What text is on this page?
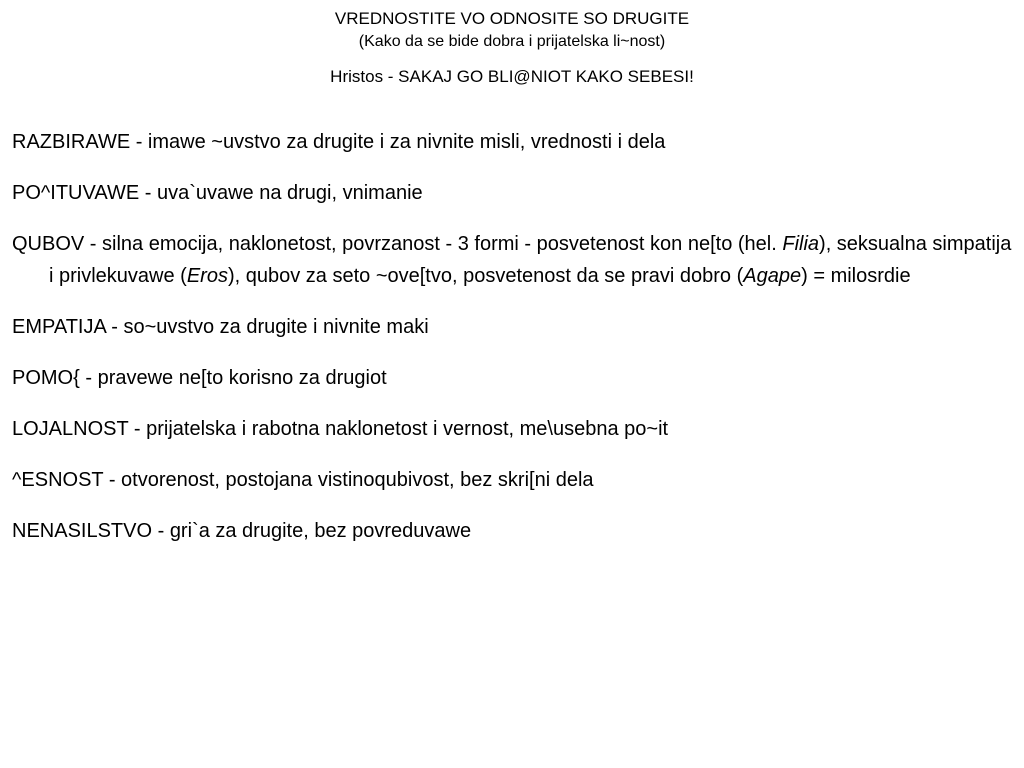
VREDNOSTITE VO ODNOSITE SO DRUGITE
(Kako da se bide dobra i prijatelska li~nost)
Hristos - SAKAJ GO BLI@NIOT KAKO SEBESI!
RAZBIRAWE - imawe ~uvstvo za drugite i za nivnite misli, vrednosti i dela
PO^ITUVAWE - uva`uvawe na drugi, vnimanie
QUBOV - silna emocija, naklonetost, povrzanost - 3 formi - posvetenost kon ne[to (hel. Filia), seksualna simpatija i privlekuvawe (Eros), qubov za seto ~ove[tvo, posvetenost da se pravi dobro (Agape) = milosrdie
EMPATIJA - so~uvstvo za drugite i nivnite maki
POMO{ - pravewe ne[to korisno za drugiot
LOJALNOST - prijatelska i rabotna naklonetost i vernost, me\usebna po~it
^ESNOST - otvorenost, postojana vistinoqubivost, bez skri[ni dela
NENASILSTVO - gri`a za drugite, bez povreduvawe
